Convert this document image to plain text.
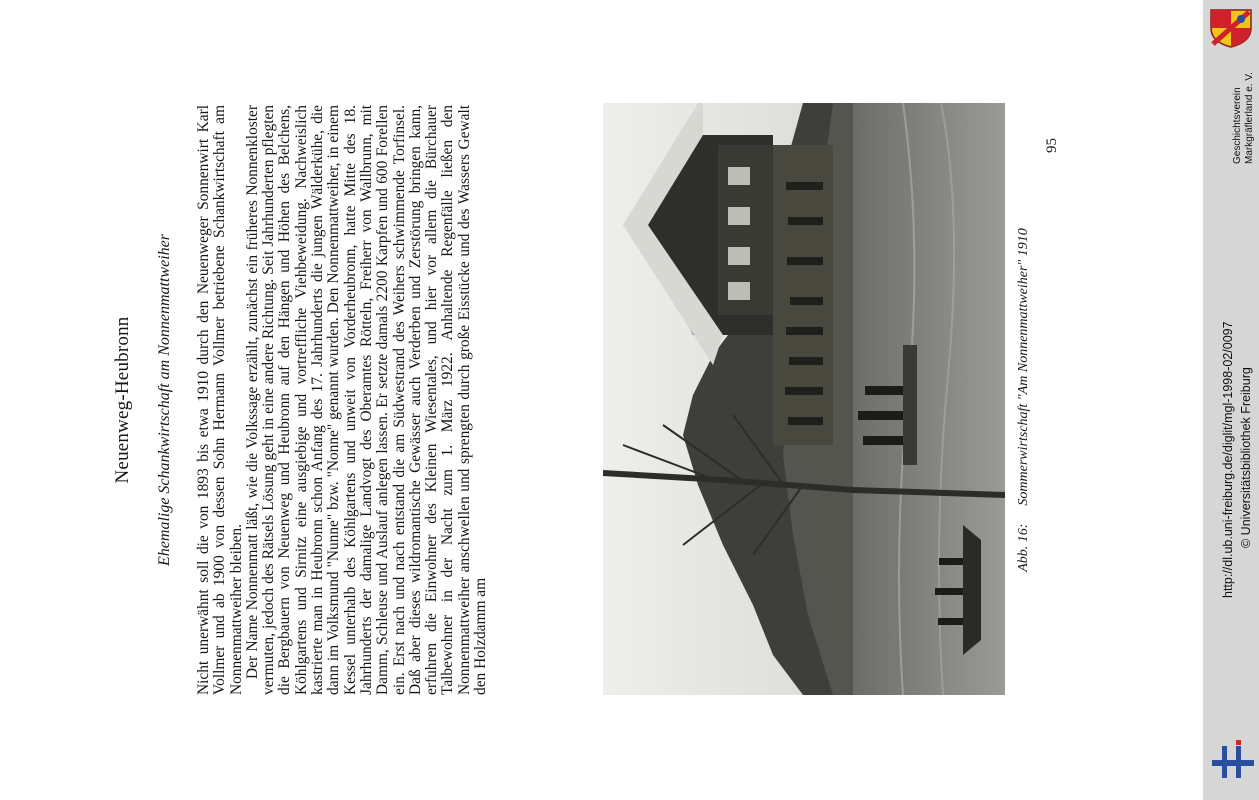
Neuenweg-Heubronn Ehemalige Schankwirtschaft am Nonnenmattweiher Nicht unerwähnt soll die von 1893 bis etwa 1910 durch den Neuenweger Sonnenwirt Karl Vollmer und ab 1900 von dessen Sohn Hermann Vollmer betriebene Schankwirtschaft am Nonnenmattweiher bleiben. Der Name Nonnenmatt läßt, wie die Volkssage erzählt, zunächst ein früheres Nonnenkloster vermuten, jedoch des Rätsels Lösung geht in eine andere Richtung. Seit Jahrhunderten pflegten die Bergbauern von Neuenweg und Heubronn auf den Hängen und Höhen des Belchens, Köhlgartens und Sirnitz eine ausgiebige und vortreffliche Viehbeweidung. Nachweislich kastrierte man in Heubronn schon Anfang des 17. Jahrhunderts die jungen Wälderkühe, die dann im Volksmund "Nunne" bzw. "Nonne" genannt wurden. Den Nonnenmattweiher, in einem Kessel unterhalb des Köhlgartens und unweit von Vorderheubronn, hatte Mitte des 18. Jahrhunderts der damalige Landvogt des Oberamtes Rötteln, Freiherr von Wallbrunn, mit Damm, Schleuse und Auslauf anlegen lassen. Er setzte damals 2200 Karpfen und 600 Forellen ein. Erst nach und nach entstand die am Südwestrand des Weihers schwimmende Torfinsel. Daß aber dieses wildromantische Gewässer auch Verderben und Zerstörung bringen kann, erfuhren die Einwohner des Kleinen Wiesentales, und hier vor allem die Bürchauer Talbewohner in der Nacht zum 1. März 1922. Anhaltende Regenfälle ließen den Nonnenmattweiher anschwellen und sprengten durch große Eisstücke und des Wassers Gewalt den Holzdamm am

Abb. 16:Sommerwirtschaft "Am Nonnenmattweiher" 1910
95	Geschichtsverein Markgräflerland e. V.
http://dl.ub.uni-freiburg.de/diglit/mgl-1998-02/0097 © Universitätsbibliothek Freiburg
